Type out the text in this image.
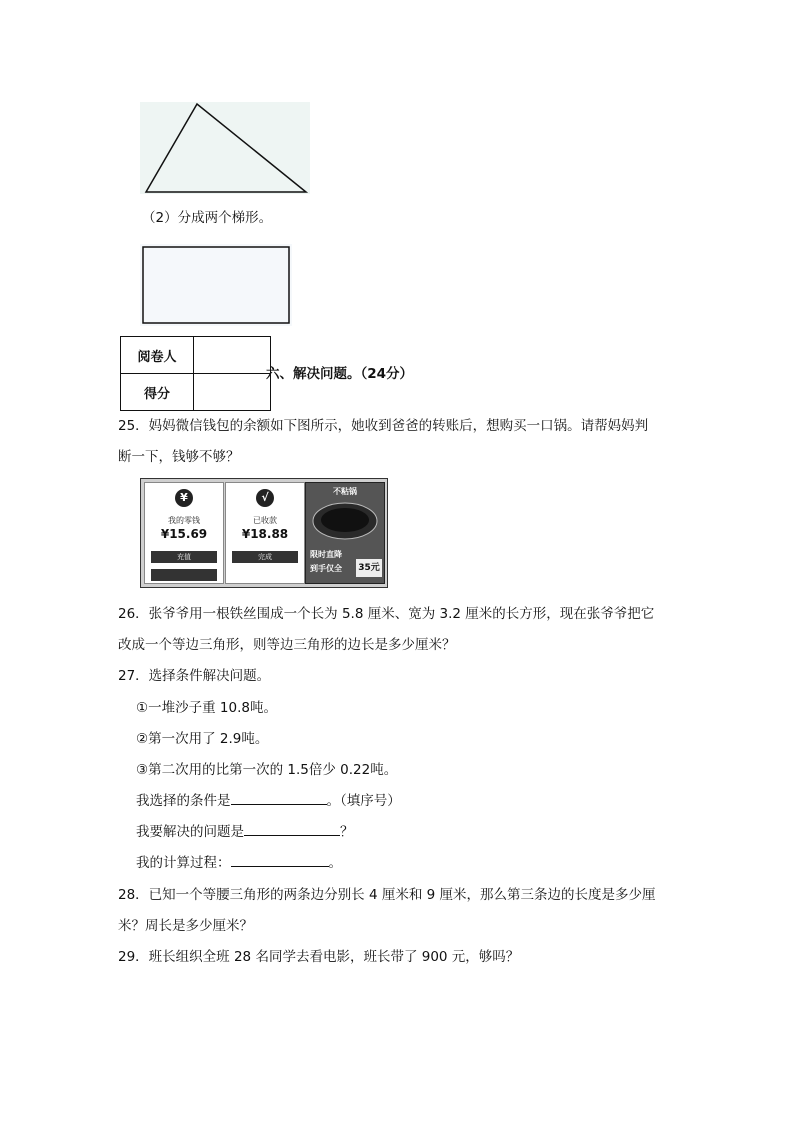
（2）分成两个梯形。
阅卷人	
得分	
六、解决问题。（24分）
25．妈妈微信钱包的余额如下图所示，她收到爸爸的转账后，想购买一口锅。请帮妈妈判
断一下，钱够不够？
¥
我的零钱
¥15.69
充值
√
已收款
¥18.88
完成
不粘锅
限时直降
到手仅全 35元
26．张爷爷用一根铁丝围成一个长为 5.8 厘米、宽为 3.2 厘米的长方形，现在张爷爷把它
改成一个等边三角形，则等边三角形的边长是多少厘米？
27．选择条件解决问题。
①一堆沙子重 10.8吨。
②第一次用了 2.9吨。
③第二次用的比第一次的 1.5倍少 0.22吨。
我选择的条件是	。（填序号）
我要解决的问题是	？
我的计算过程：	。
28．已知一个等腰三角形的两条边分别长 4 厘米和 9 厘米，那么第三条边的长度是多少厘
米？周长是多少厘米？
29．班长组织全班 28 名同学去看电影，班长带了 900 元，够吗？
